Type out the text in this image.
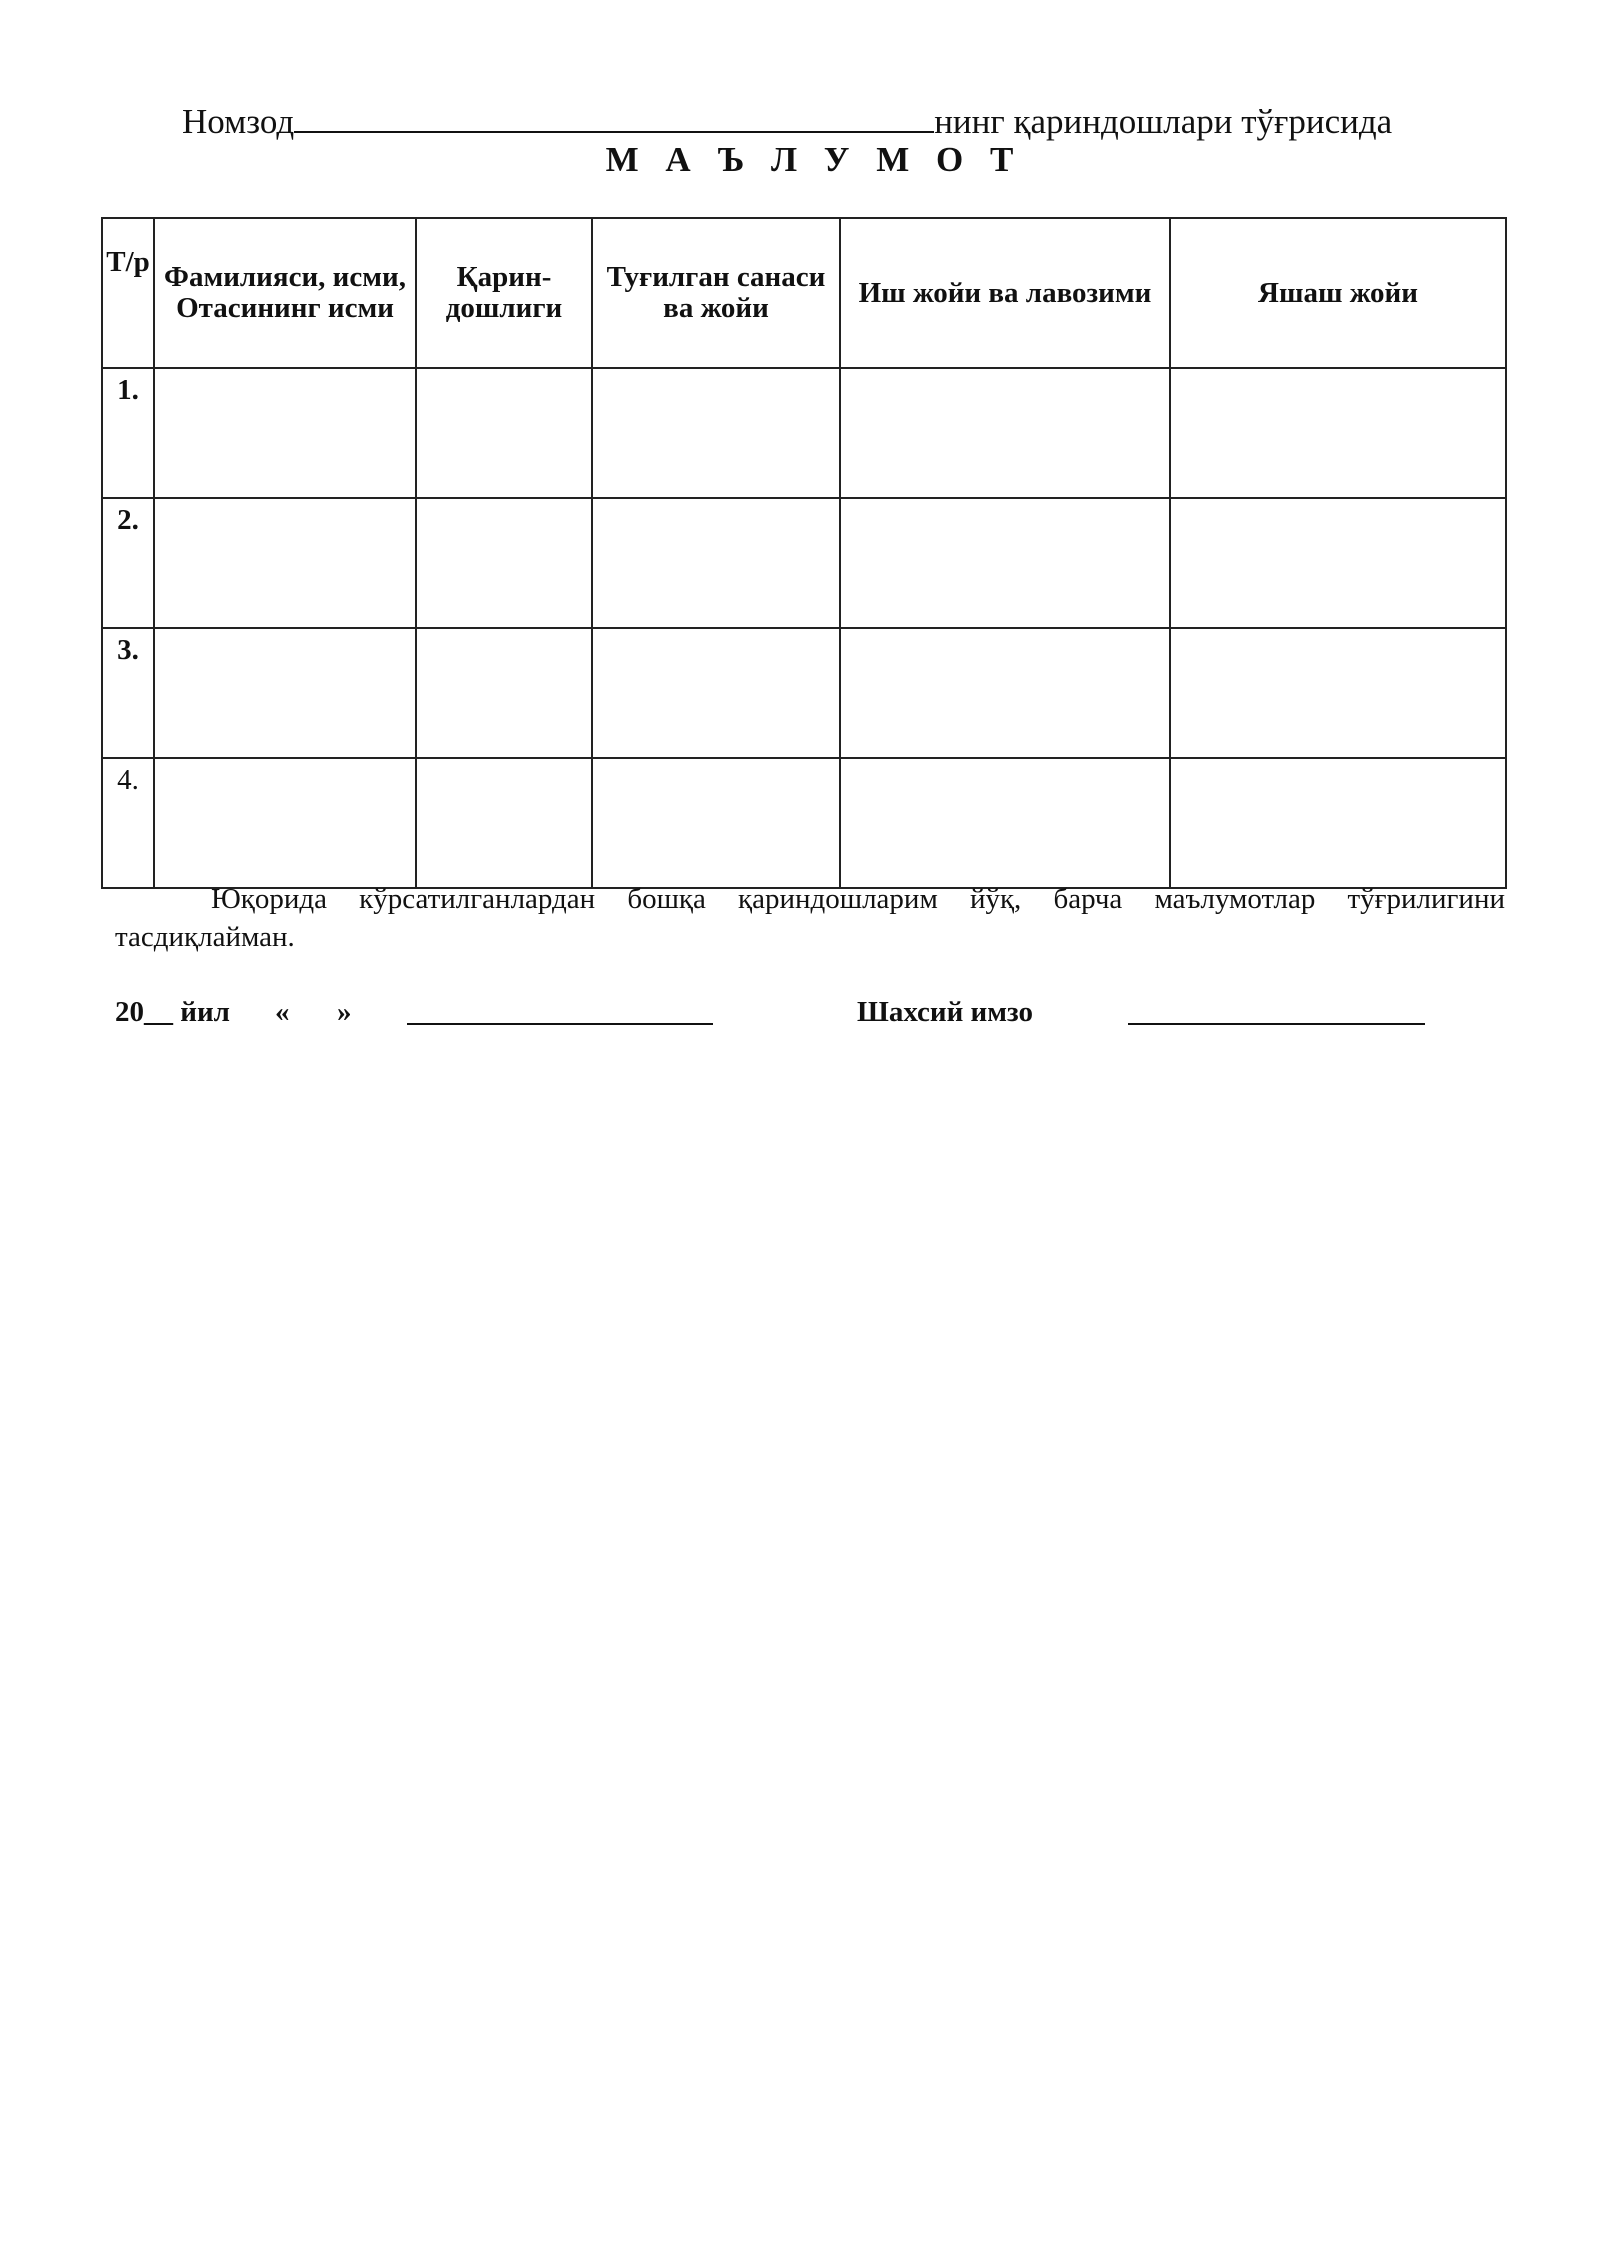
Номзод	нинг қариндошлари тўғрисида
М А Ъ Л У М О Т
Т/р	Фамилияси, исми, Отасининг исми	Қарин-дошлиги	Туғилган санаси ва жойи	Иш жойи ва лавозими	Яшаш жойи
1.					
2.					
3.					
4.					
Юқорида кўрсатилганлардан бошқа қариндошларим йўқ, барча маълумотлар тўғрилигини тасдиқлайман.
20__ йил « »	Шахсий имзо
